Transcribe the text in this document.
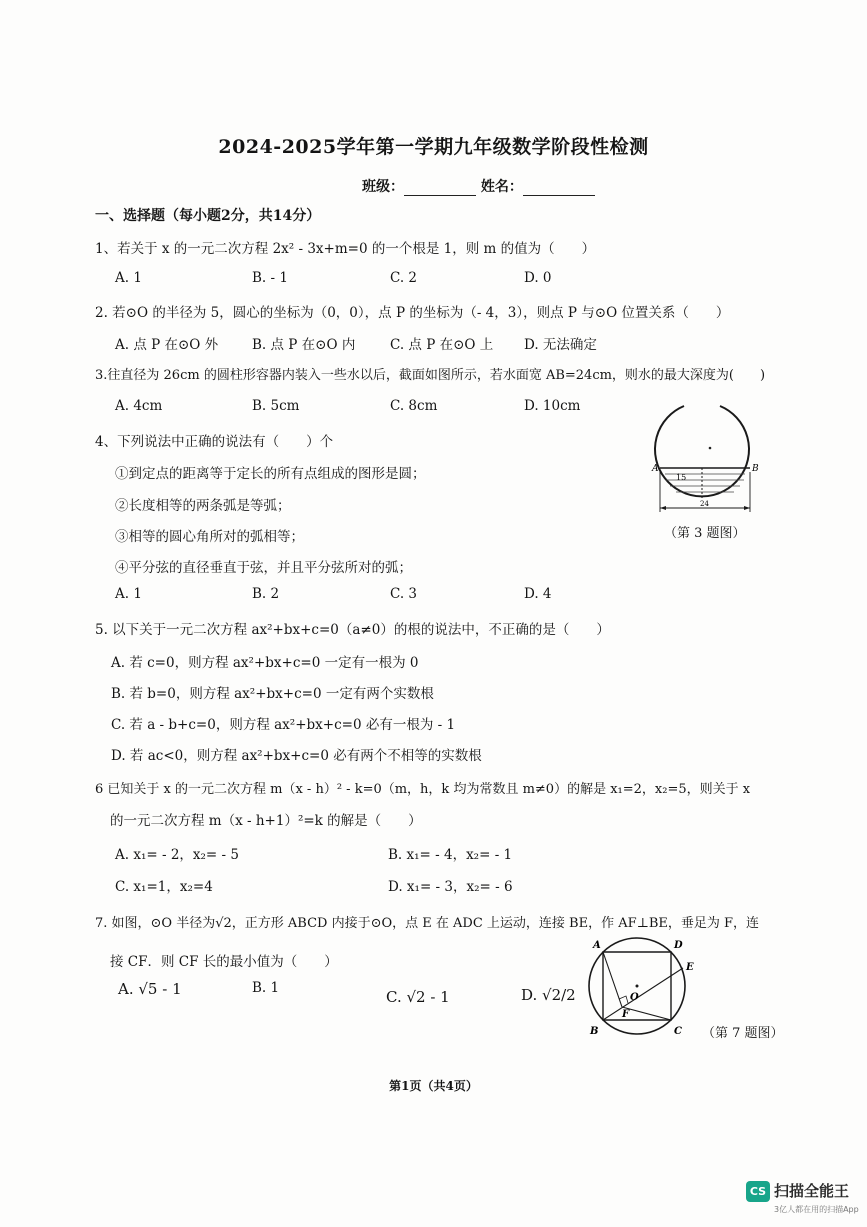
2024-2025学年第一学期九年级数学阶段性检测
班级：	姓名：
一、选择题（每小题2分，共14分）
1、若关于 x 的一元二次方程 2x² - 3x+m=0 的一个根是 1，则 m 的值为（　　）
A. 1	B. - 1	C. 2	D. 0
2. 若⊙O 的半径为 5，圆心的坐标为（0，0），点 P 的坐标为（- 4，3），则点 P 与⊙O 位置关系（　　）
A. 点 P 在⊙O 外	B. 点 P 在⊙O 内	C. 点 P 在⊙O 上 D. 无法确定
3.往直径为 26cm 的圆柱形容器内装入一些水以后，截面如图所示，若水面宽 AB=24cm，则水的最大深度为(　　)
A. 4cm	B. 5cm	C. 8cm	D. 10cm
4、下列说法中正确的说法有（　　）个
①到定点的距离等于定长的所有点组成的图形是圆；
②长度相等的两条弧是等弧；
③相等的圆心角所对的弧相等；
④平分弦的直径垂直于弦，并且平分弦所对的弧；
A. 1	B. 2	C. 3	D. 4
A	B
15
24
（第 3 题图）
5. 以下关于一元二次方程 ax²+bx+c=0（a≠0）的根的说法中，不正确的是（　　）
A. 若 c=0，则方程 ax²+bx+c=0 一定有一根为 0
B. 若 b=0，则方程 ax²+bx+c=0 一定有两个实数根
C. 若 a - b+c=0，则方程 ax²+bx+c=0 必有一根为 - 1
D. 若 ac<0，则方程 ax²+bx+c=0 必有两个不相等的实数根
6 已知关于 x 的一元二次方程 m（x - h）² - k=0（m，h，k 均为常数且 m≠0）的解是 x₁=2，x₂=5，则关于 x
的一元二次方程 m（x - h+1）²=k 的解是（　　）
A. x₁= - 2，x₂= - 5	B. x₁= - 4，x₂= - 1
C. x₁=1，x₂=4	D. x₁= - 3，x₂= - 6
7. 如图，⊙O 半径为√2，正方形 ABCD 内接于⊙O，点 E 在 ADC 上运动，连接 BE，作 AF⊥BE，垂足为 F，连
接 CF．则 CF 长的最小值为（　　）
A. √5 - 1	B. 1	C. √2 - 1	D. √2/2
A	D
E
O
F
B	C （第 7 题图）
第1页（共4页）
CS 扫描全能王
3亿人都在用的扫描App
